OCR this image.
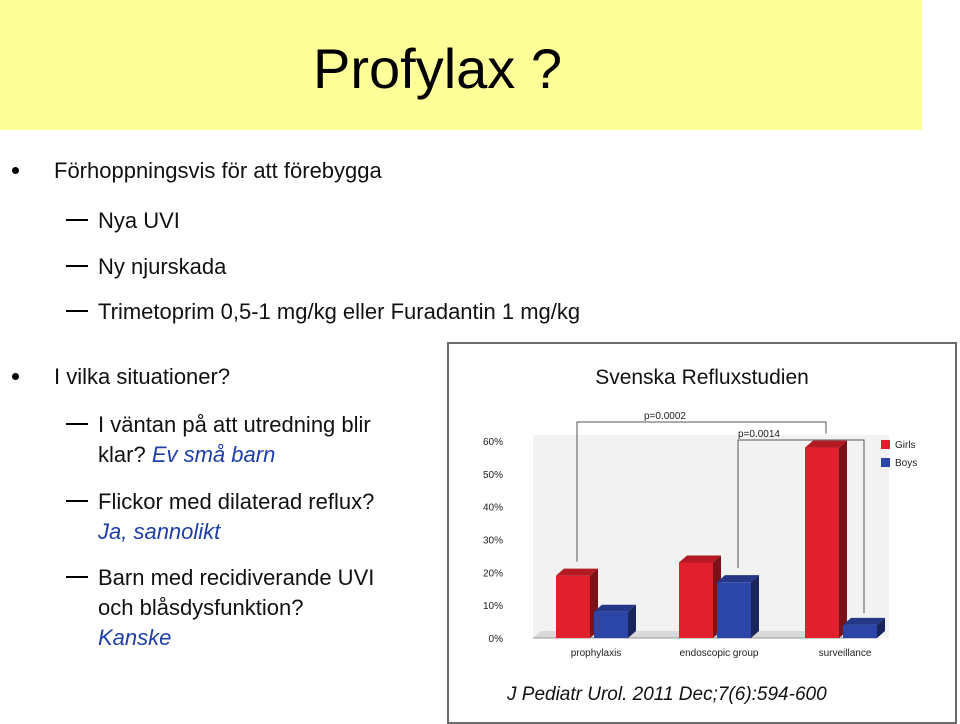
Profylax ?
Förhoppningsvis för att förebygga
Nya UVI
Ny njurskada
Trimetoprim 0,5-1 mg/kg eller Furadantin 1 mg/kg
I vilka situationer?
I väntan på att utredning blir
klar? Ev små barn
Flickor med dilaterad reflux?
Ja, sannolikt
Barn med recidiverande UVI
och blåsdysfunktion?
Kanske
Svenska Refluxstudien
0%
10%
20%
30%
40%
50%
60%
prophylaxis	endoscopic group	surveillance
p=0.0002
p=0.0014
Girls
Boys
J Pediatr Urol. 2011 Dec;7(6):594-600
